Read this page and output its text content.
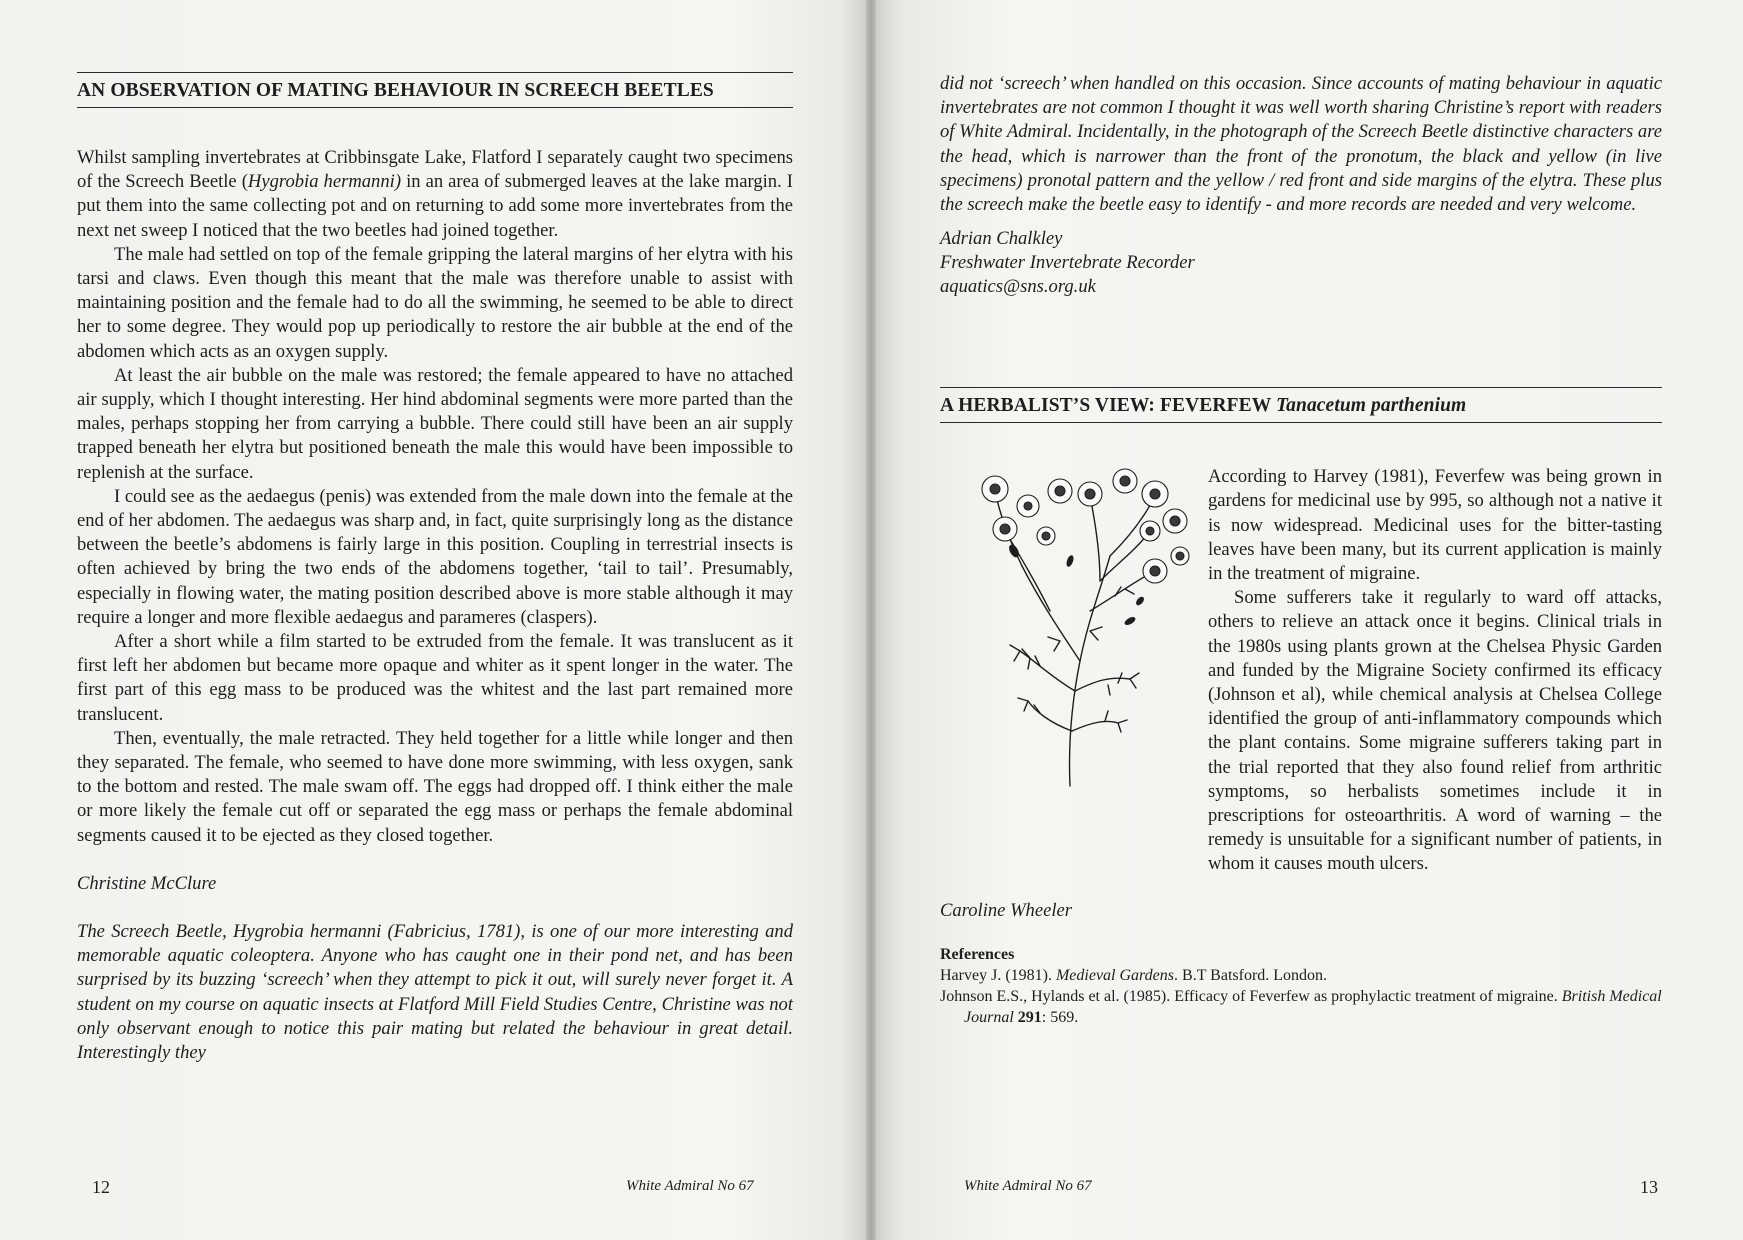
AN OBSERVATION OF MATING BEHAVIOUR IN SCREECH BEETLES

Whilst sampling invertebrates at Cribbinsgate Lake, Flatford I separately caught two specimens of the Screech Beetle (Hygrobia hermanni) in an area of submerged leaves at the lake margin. I put them into the same collecting pot and on returning to add some more invertebrates from the next net sweep I noticed that the two beetles had joined together.

The male had settled on top of the female gripping the lateral margins of her elytra with his tarsi and claws. Even though this meant that the male was therefore unable to assist with maintaining position and the female had to do all the swimming, he seemed to be able to direct her to some degree. They would pop up periodically to restore the air bubble at the end of the abdomen which acts as an oxygen supply.

At least the air bubble on the male was restored; the female appeared to have no attached air supply, which I thought interesting. Her hind abdominal segments were more parted than the males, perhaps stopping her from carrying a bubble. There could still have been an air supply trapped beneath her elytra but positioned beneath the male this would have been impossible to replenish at the surface.

I could see as the aedaegus (penis) was extended from the male down into the female at the end of her abdomen. The aedaegus was sharp and, in fact, quite surprisingly long as the distance between the beetle’s abdomens is fairly large in this position. Coupling in terrestrial insects is often achieved by bring the two ends of the abdomens together, ‘tail to tail’. Presumably, especially in flowing water, the mating position described above is more stable although it may require a longer and more flexible aedaegus and parameres (claspers).

After a short while a film started to be extruded from the female. It was translucent as it first left her abdomen but became more opaque and whiter as it spent longer in the water. The first part of this egg mass to be produced was the whitest and the last part remained more translucent.

Then, eventually, the male retracted. They held together for a little while longer and then they separated. The female, who seemed to have done more swimming, with less oxygen, sank to the bottom and rested. The male swam off. The eggs had dropped off. I think either the male or more likely the female cut off or separated the egg mass or perhaps the female abdominal segments caused it to be ejected as they closed together.

Christine McClure

The Screech Beetle, Hygrobia hermanni (Fabricius, 1781), is one of our more interesting and memorable aquatic coleoptera. Anyone who has caught one in their pond net, and has been surprised by its buzzing ‘screech’ when they attempt to pick it out, will surely never forget it. A student on my course on aquatic insects at Flatford Mill Field Studies Centre, Christine was not only observant enough to notice this pair mating but related the behaviour in great detail. Interestingly they

12	White Admiral No 67

did not ‘screech’ when handled on this occasion. Since accounts of mating behaviour in aquatic invertebrates are not common I thought it was well worth sharing Christine’s report with readers of White Admiral. Incidentally, in the photograph of the Screech Beetle distinctive characters are the head, which is narrower than the front of the pronotum, the black and yellow (in live specimens) pronotal pattern and the yellow / red front and side margins of the elytra. These plus the screech make the beetle easy to identify - and more records are needed and very welcome.

Adrian Chalkley
Freshwater Invertebrate Recorder
aquatics@sns.org.uk
A HERBALIST’S VIEW: FEVERFEW Tanacetum parthenium

According to Harvey (1981), Feverfew was being grown in gardens for medicinal use by 995, so although not a native it is now widespread. Medicinal uses for the bitter-tasting leaves have been many, but its current application is mainly in the treatment of migraine.

Some sufferers take it regularly to ward off attacks, others to relieve an attack once it begins. Clinical trials in the 1980s using plants grown at the Chelsea Physic Garden and funded by the Migraine Society confirmed its efficacy (Johnson et al), while chemical analysis at Chelsea College identified the group of anti-inflammatory compounds which the plant contains. Some migraine sufferers taking part in the trial reported that they also found relief from arthritic symptoms, so herbalists sometimes include it in prescriptions for osteoarthritis. A word of warning – the remedy is unsuitable for a significant number of patients, in whom it causes mouth ulcers.

Caroline Wheeler
References
Harvey J. (1981). Medieval Gardens. B.T Batsford. London.
Johnson E.S., Hylands et al. (1985). Efficacy of Feverfew as prophylactic treatment of migraine. British Medical Journal 291: 569.
White Admiral No 67	13
